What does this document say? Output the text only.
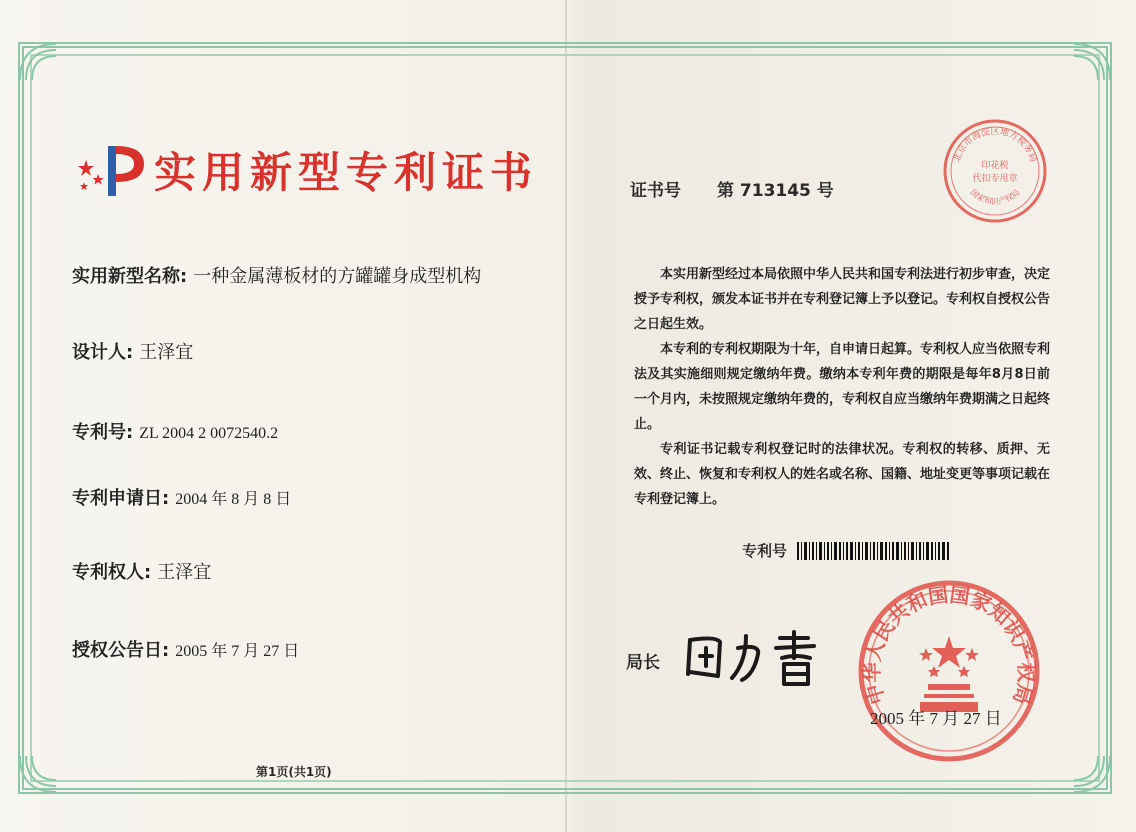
实用新型专利证书
实用新型名称: 一种金属薄板材的方罐罐身成型机构
设计人: 王泽宜
专利号: ZL 2004 2 0072540.2
专利申请日: 2004 年 8 月 8 日
专利权人: 王泽宜
授权公告日: 2005 年 7 月 27 日
证书号 第 713145 号
北京市海淀区地方税务局
印花税
代扣专用章
国家知识产权局

本实用新型经过本局依照中华人民共和国专利法进行初步审查，决定授予专利权，颁发本证书并在专利登记簿上予以登记。专利权自授权公告之日起生效。

本专利的专利权期限为十年，自申请日起算。专利权人应当依照专利法及其实施细则规定缴纳年费。缴纳本专利年费的期限是每年8月8日前一个月内，未按照规定缴纳年费的，专利权自应当缴纳年费期满之日起终止。

专利证书记载专利权登记时的法律状况。专利权的转移、质押、无效、终止、恢复和专利权人的姓名或名称、国籍、地址变更等事项记载在专利登记簿上。

专利号
局长
中华人民共和国国家知识产权局
2005 年 7 月 27 日
第1页(共1页)
